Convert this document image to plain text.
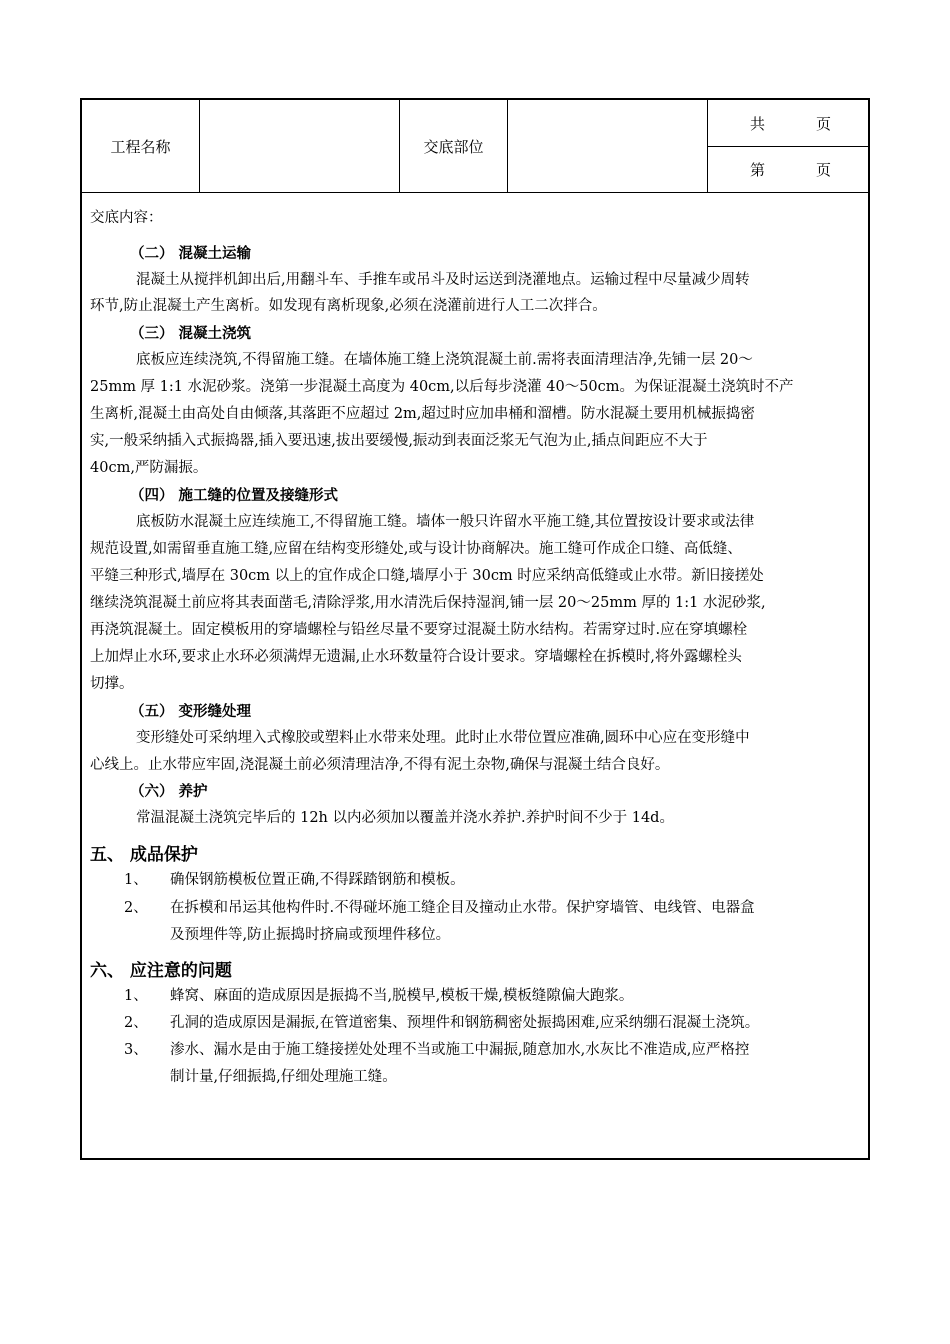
工程名称	交底部位
共	页
第	页
交底内容：
（二） 混凝土运输
混凝土从搅拌机卸出后,用翻斗车、手推车或吊斗及时运送到浇灌地点。运输过程中尽量减少周转
环节,防止混凝土产生离析。如发现有离析现象,必须在浇灌前进行人工二次拌合。
（三） 混凝土浇筑
底板应连续浇筑,不得留施工缝。在墙体施工缝上浇筑混凝土前.需将表面清理洁净,先铺一层 20～
25mm 厚 1:1 水泥砂浆。浇第一步混凝土高度为 40cm,以后每步浇灌 40～50cm。为保证混凝土浇筑时不产
生离析,混凝土由高处自由倾落,其落距不应超过 2m,超过时应加串桶和溜槽。防水混凝土要用机械振捣密
实,一般采纳插入式振捣器,插入要迅速,拔出要缓慢,振动到表面泛浆无气泡为止,插点间距应不大于
40cm,严防漏振。
（四） 施工缝的位置及接缝形式
底板防水混凝土应连续施工,不得留施工缝。墙体一般只许留水平施工缝,其位置按设计要求或法律
规范设置,如需留垂直施工缝,应留在结构变形缝处,或与设计协商解决。施工缝可作成企口缝、高低缝、
平缝三种形式,墙厚在 30cm 以上的宜作成企口缝,墙厚小于 30cm 时应采纳高低缝或止水带。新旧接搓处
继续浇筑混凝土前应将其表面凿毛,清除浮浆,用水清洗后保持湿润,铺一层 20～25mm 厚的 1:1 水泥砂浆,
再浇筑混凝土。固定模板用的穿墙螺栓与铅丝尽量不要穿过混凝土防水结构。若需穿过时.应在穿填螺栓
上加焊止水环,要求止水环必须满焊无遗漏,止水环数量符合设计要求。穿墙螺栓在拆模时,将外露螺栓头
切撑。
（五） 变形缝处理
变形缝处可采纳埋入式橡胶或塑料止水带来处理。此时止水带位置应准确,圆环中心应在变形缝中
心线上。止水带应牢固,浇混凝土前必须清理洁净,不得有泥土杂物,确保与混凝土结合良好。
（六） 养护
常温混凝土浇筑完毕后的 12h 以内必须加以覆盖并浇水养护.养护时间不少于 14d。
五、 成品保护
1、 确保钢筋模板位置正确,不得踩踏钢筋和模板。
2、 在拆模和吊运其他构件时.不得碰坏施工缝企目及撞动止水带。保护穿墙管、电线管、电器盒
及预埋件等,防止振捣时挤扁或预埋件移位。
六、 应注意的问题
1、 蜂窝、麻面的造成原因是振捣不当,脱模早,模板干燥,模板缝隙偏大跑浆。
2、 孔洞的造成原因是漏振,在管道密集、预埋件和钢筋稠密处振捣困难,应采纳绷石混凝土浇筑。
3、 渗水、漏水是由于施工缝接搓处处理不当或施工中漏振,随意加水,水灰比不准造成,应严格控
制计量,仔细振捣,仔细处理施工缝。
